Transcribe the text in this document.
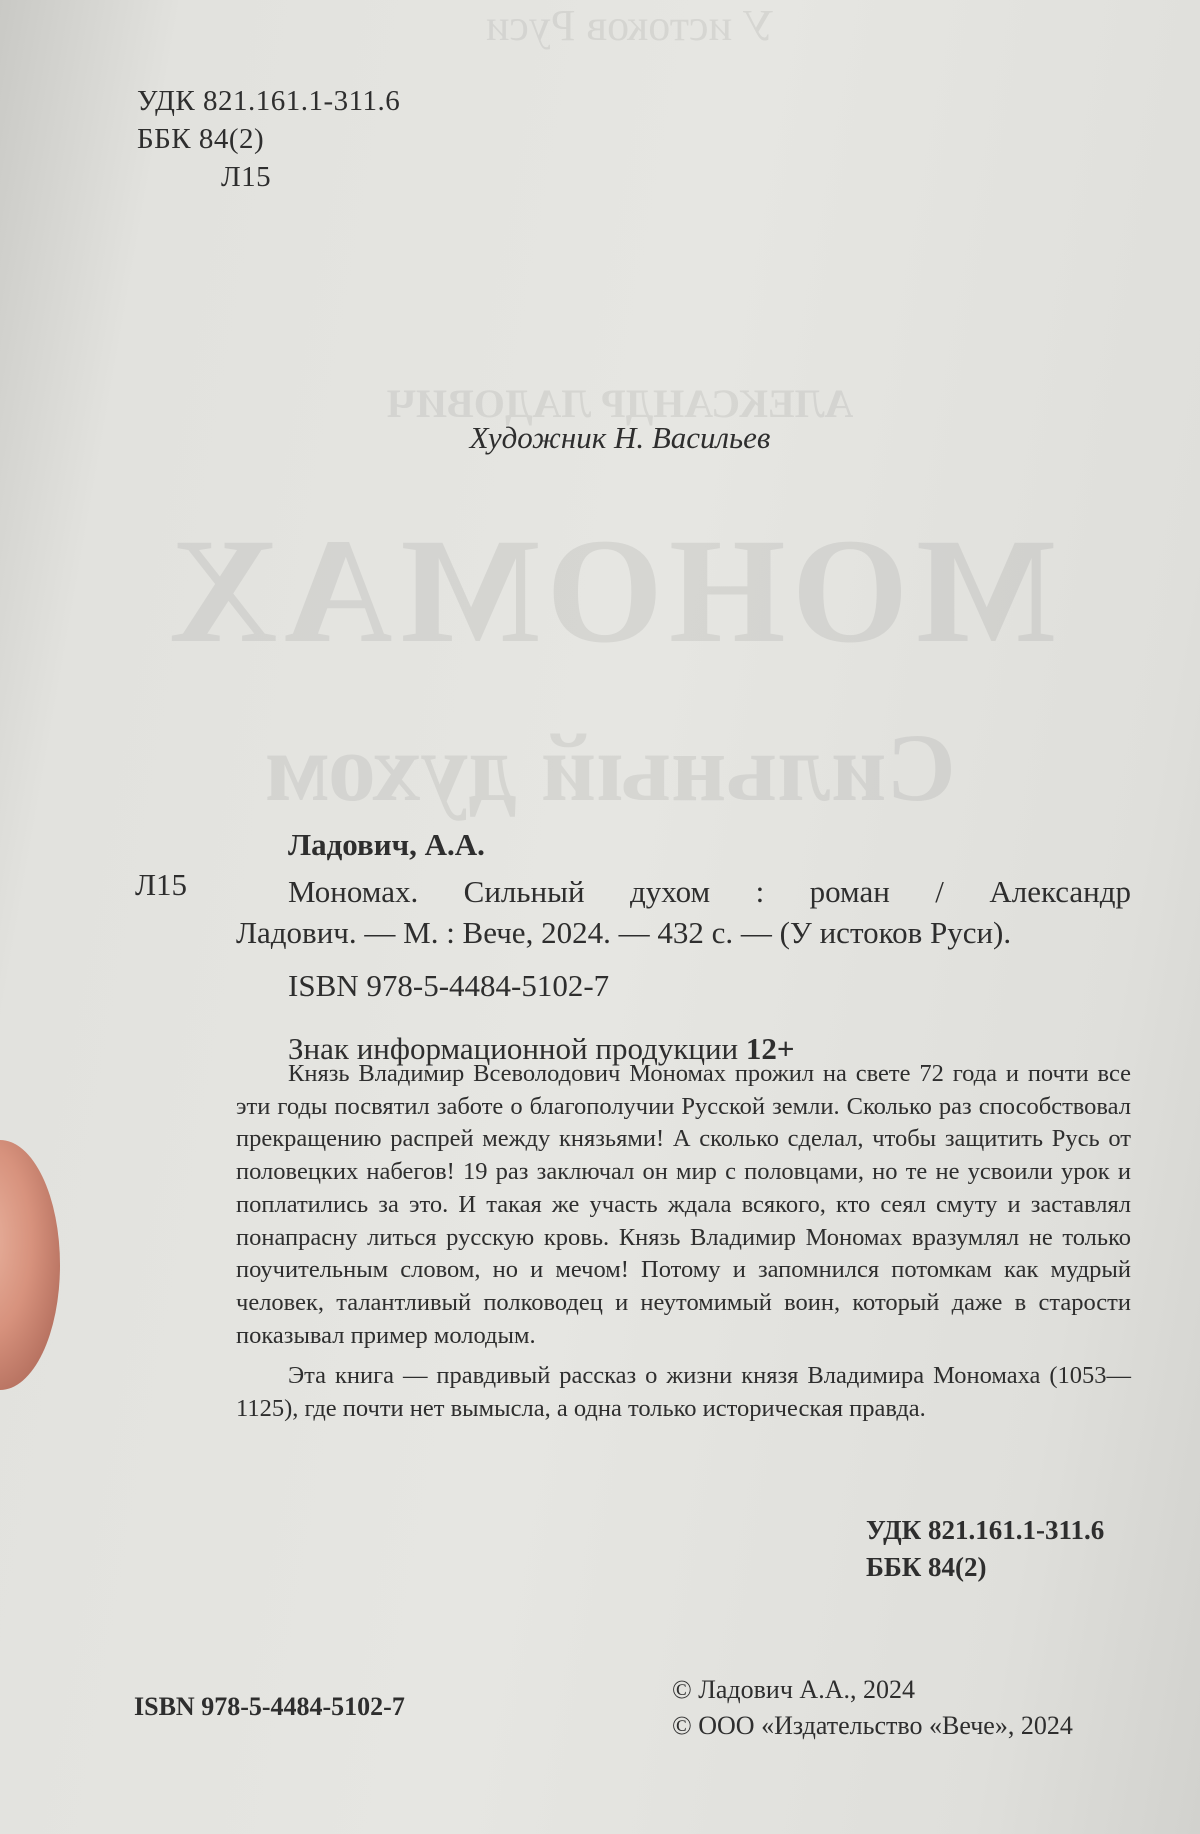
У истоков Руси
АЛЕКСАНДР ЛАДОВИЧ
МОНОМАХ
Сильный духом
УДК 821.161.1-311.6
ББК 84(2)
Л15
Художник Н. Васильев
Л15
Ладович, А.А.
Мономах. Сильный духом : роман / Александр
Ладович. — М. : Вече, 2024. — 432 с. — (У истоков Руси).
ISBN 978-5-4484-5102-7
Знак информационной продукции 12+

Князь Владимир Всеволодович Мономах прожил на свете 72 года и почти все эти годы посвятил заботе о благополучии Русской земли. Сколько раз способствовал прекращению распрей между князьями! А сколько сделал, чтобы защитить Русь от половецких набегов! 19 раз заключал он мир с половцами, но те не усвоили урок и поплатились за это. И такая же участь ждала всякого, кто сеял смуту и заставлял понапрасну литься русскую кровь. Князь Владимир Мономах вразумлял не только поучительным словом, но и мечом! Потому и запомнился потомкам как мудрый человек, талантливый полководец и неутомимый воин, который даже в старости показывал пример молодым.

Эта книга — правдивый рассказ о жизни князя Владимира Мономаха (1053—1125), где почти нет вымысла, а одна только историческая правда.

УДК 821.161.1-311.6
ББК 84(2)
ISBN 978-5-4484-5102-7
© Ладович А.А., 2024
© ООО «Издательство «Вече», 2024
